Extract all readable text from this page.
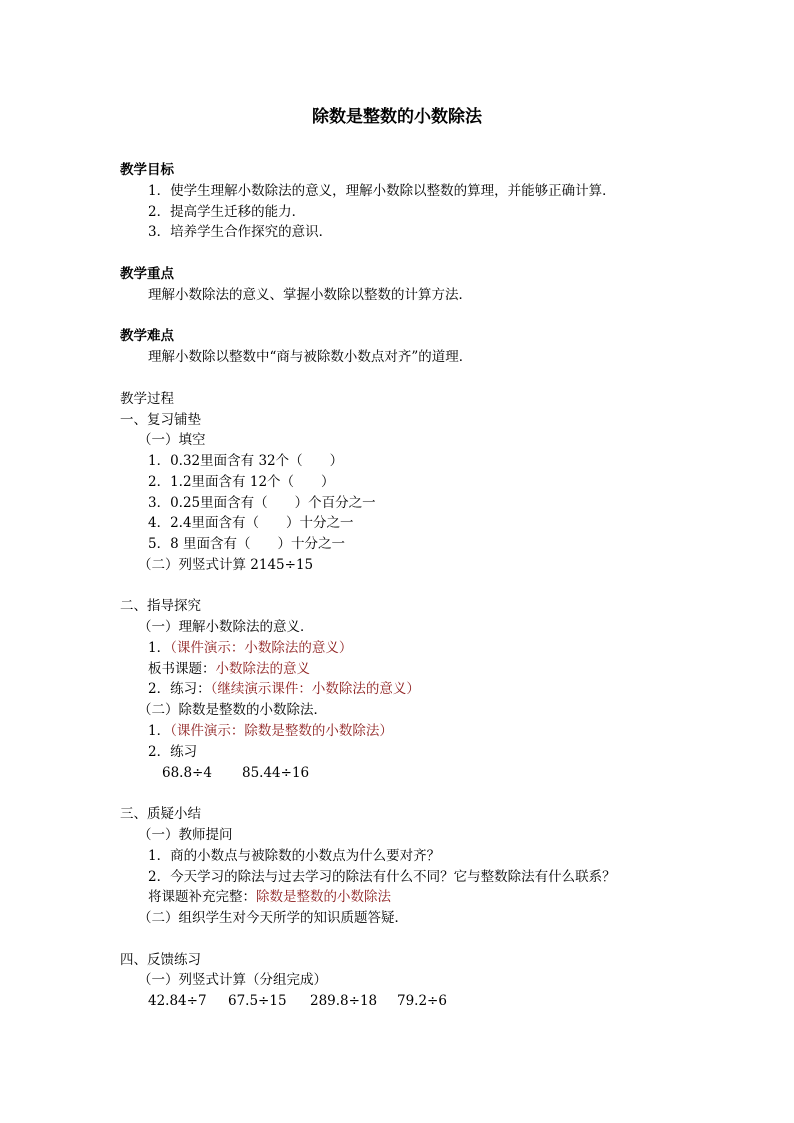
除数是整数的小数除法
教学目标
1．使学生理解小数除法的意义，理解小数除以整数的算理，并能够正确计算．
2．提高学生迁移的能力．
3．培养学生合作探究的意识．
教学重点
理解小数除法的意义、掌握小数除以整数的计算方法．
教学难点
理解小数除以整数中“商与被除数小数点对齐”的道理．
教学过程
一、复习铺垫
（一）填空
1．0.32里面含有 32个（　　）
2．1.2里面含有 12个（　　）
3．0.25里面含有（　　）个百分之一
4．2.4里面含有（　　）十分之一
5．8 里面含有（　　）十分之一
（二）列竖式计算 2145÷15
二、指导探究
（一）理解小数除法的意义．
1．（课件演示：小数除法的意义）
板书课题：小数除法的意义
2．练习：（继续演示课件：小数除法的意义）
（二）除数是整数的小数除法．
1．（课件演示：除数是整数的小数除法）
2．练习
68.8÷4 85.44÷16
三、质疑小结
（一）教师提问
1．商的小数点与被除数的小数点为什么要对齐？
2．今天学习的除法与过去学习的除法有什么不同？它与整数除法有什么联系？
将课题补充完整：除数是整数的小数除法
（二）组织学生对今天所学的知识质题答疑．
四、反馈练习
（一）列竖式计算（分组完成）
42.84÷7 67.5÷15 289.8÷18 79.2÷6
